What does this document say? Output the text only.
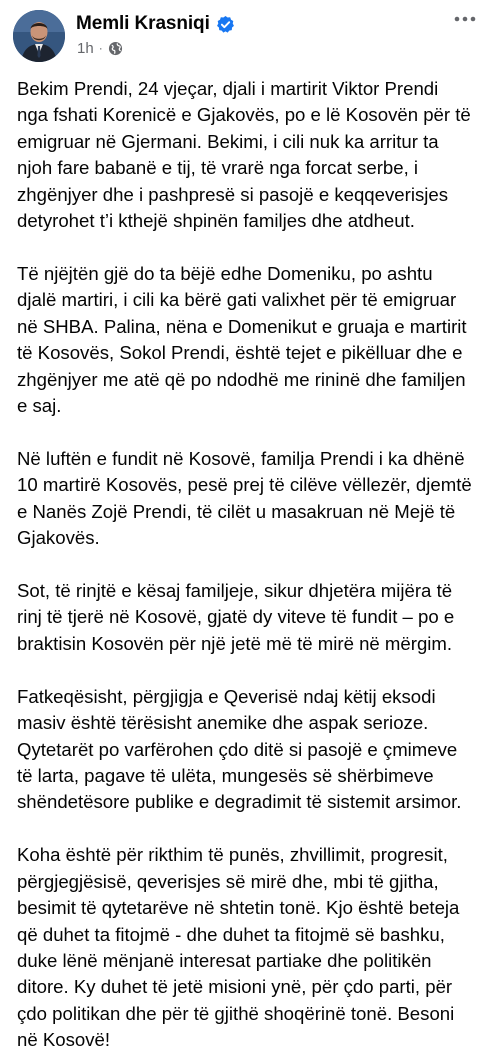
Memli Krasniqi
1h ·

Bekim Prendi, 24 vjeçar, djali i martirit Viktor Prendi
nga fshati Korenicë e Gjakovës, po e lë Kosovën për të
emigruar në Gjermani. Bekimi, i cili nuk ka arritur ta
njoh fare babanë e tij, të vrarë nga forcat serbe, i
zhgënjyer dhe i pashpresë si pasojë e keqqeverisjes
detyrohet t’i kthejë shpinën familjes dhe atdheut.

Të njëjtën gjë do ta bëjë edhe Domeniku, po ashtu
djalë martiri, i cili ka bërë gati valixhet për të emigruar
në SHBA. Palina, nëna e Domenikut e gruaja e martirit
të Kosovës, Sokol Prendi, është tejet e pikëlluar dhe e
zhgënjyer me atë që po ndodhë me rininë dhe familjen
e saj.

Në luftën e fundit në Kosovë, familja Prendi i ka dhënë
10 martirë Kosovës, pesë prej të cilëve vëllezër, djemtë
e Nanës Zojë Prendi, të cilët u masakruan në Mejë të
Gjakovës.

Sot, të rinjtë e kësaj familjeje, sikur dhjetëra mijëra të
rinj të tjerë në Kosovë, gjatë dy viteve të fundit – po e
braktisin Kosovën për një jetë më të mirë në mërgim.

Fatkeqësisht, përgjigja e Qeverisë ndaj këtij eksodi
masiv është tërësisht anemike dhe aspak serioze.
Qytetarët po varfërohen çdo ditë si pasojë e çmimeve
të larta, pagave të ulëta, mungesës së shërbimeve
shëndetësore publike e degradimit të sistemit arsimor.

Koha është për rikthim të punës, zhvillimit, progresit,
përgjegjësisë, qeverisjes së mirë dhe, mbi të gjitha,
besimit të qytetarëve në shtetin tonë. Kjo është beteja
që duhet ta fitojmë - dhe duhet ta fitojmë së bashku,
duke lënë mënjanë interesat partiake dhe politikën
ditore. Ky duhet të jetë misioni ynë, për çdo parti, për
çdo politikan dhe për të gjithë shoqërinë tonë. Besoni
në Kosovë!
